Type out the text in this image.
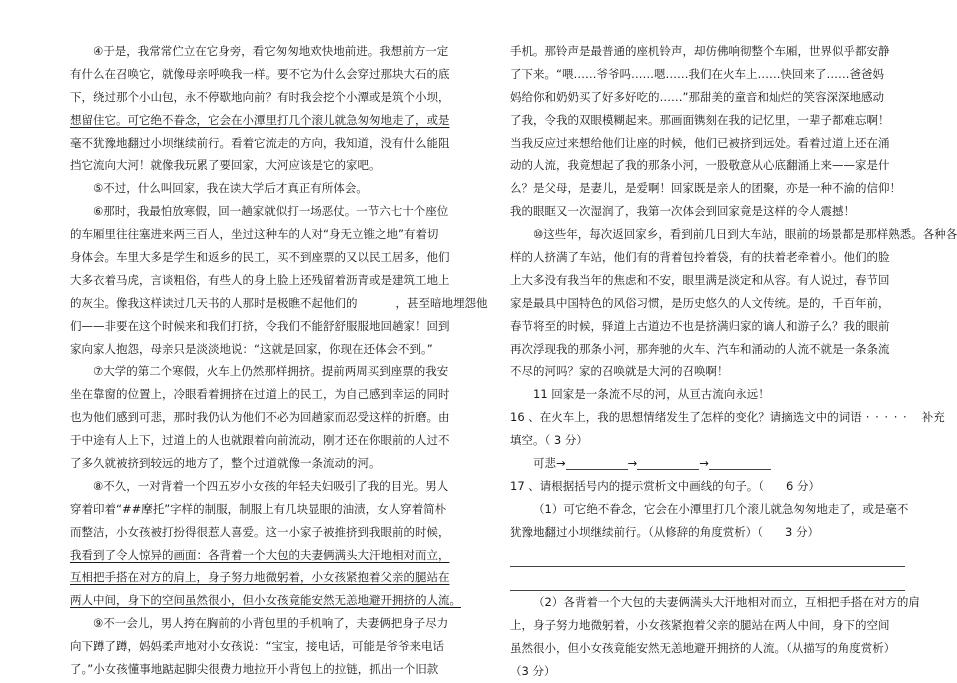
④于是，我常常伫立在它身旁，看它匆匆地欢快地前进。我想前方一定
有什么在召唤它，就像母亲呼唤我一样。要不它为什么会穿过那块大石的底
下，绕过那个小山包，永不停歇地向前？有时我会挖个小潭或是筑个小坝，
想留住它。可它绝不眷念，它会在小潭里打几个滚儿就急匆匆地走了，或是
毫不犹豫地翻过小坝继续前行。看着它流走的方向，我知道，没有什么能阻
挡它流向大河！就像我玩累了要回家，大河应该是它的家吧。
⑤不过，什么叫回家，我在读大学后才真正有所体会。
⑥那时，我最怕放寒假，回一趟家就似打一场恶仗。一节六七十个座位
的车厢里往往塞进来两三百人，坐过这种车的人对“身无立锥之地”有着切
身体会。车里大多是学生和返乡的民工，买不到座票的又以民工居多，他们
大多衣着马虎，言谈粗俗，有些人的身上脸上还残留着沥青或是建筑工地上
的灰尘。像我这样读过几天书的人那时是极瞧不起他们的	，甚至暗地埋怨他
们——非要在这个时候来和我们打挤，令我们不能舒舒服服地回趟家！回到
家向家人抱怨，母亲只是淡淡地说：“这就是回家，你现在还体会不到。”
⑦大学的第二个寒假，火车上仍然那样拥挤。提前两周买到座票的我安
坐在靠窗的位置上，冷眼看着拥挤在过道上的民工，为自己感到幸运的同时
也为他们感到可悲，那时我仍认为他们不必为回趟家而忍受这样的折磨。由
于中途有人上下，过道上的人也就跟着向前流动，刚才还在你眼前的人过不
了多久就被挤到较远的地方了，整个过道就像一条流动的河。
⑧不久，一对背着一个四五岁小女孩的年轻夫妇吸引了我的目光。男人
穿着印着“##摩托”字样的制服，制服上有几块显眼的油渍，女人穿着简朴
而整洁，小女孩被打扮得很惹人喜爱。这一小家子被推挤到我眼前的时候，
我看到了令人惊异的画面：各背着一个大包的夫妻俩满头大汗地相对而立，
互相把手搭在对方的肩上，身子努力地微躬着，小女孩紧抱着父亲的腿站在
两人中间，身下的空间虽然很小，但小女孩竟能安然无恙地避开拥挤的人流。
⑨不一会儿，男人挎在胸前的小背包里的手机响了，夫妻俩把身子尽力
向下蹲了蹲，妈妈柔声地对小女孩说：“宝宝，接电话，可能是爷爷来电话
了。”小女孩懂事地踮起脚尖很费力地拉开小背包上的拉链，抓出一个旧款
手机。那铃声是最普通的座机铃声，却仿佛响彻整个车厢，世界似乎都安静
了下来。“喂……爷爷吗……嗯……我们在火车上……快回来了……爸爸妈
妈给你和奶奶买了好多好吃的……”那甜美的童音和灿烂的笑容深深地感动
了我，令我的双眼模糊起来。那画面镌刻在我的记忆里，一辈子都难忘啊！
当我反应过来想给他们让座的时候，他们已被挤到远处。看着过道上还在涌
动的人流，我竟想起了我的那条小河，一股敬意从心底翻涌上来——家是什
么？是父母，是妻儿，是爱啊！回家既是亲人的团聚，亦是一种不渝的信仰！
我的眼眶又一次湿润了，我第一次体会到回家竟是这样的令人震撼！
⑩这些年，每次返回家乡，看到前几日到大车站，眼前的场景都是那样熟悉。各种各
样的人挤满了车站，他们有的背着包拎着袋，有的扶着老牵着小。他们的脸
上大多没有我当年的焦虑和不安，眼里满是淡定和从容。有人说过，春节回
家是最具中国特色的风俗习惯，是历史悠久的人文传统。是的，千百年前，
春节将至的时候，驿道上古道边不也是挤满归家的谪人和游子么？我的眼前
再次浮现我的那条小河，那奔驰的火车、汽车和涌动的人流不就是一条条流
不尽的河吗？家的召唤就是大河的召唤啊！
11 回家是一条流不尽的河，从亘古流向永远！
16 、在火车上，我的思想情绪发生了怎样的变化？请摘选文中的词语 · · · · · 补充
填空。（ 3 分）
可悲→	→	→
17 、请根据括号内的提示赏析文中画线的句子。（ 6 分）
（1）可它绝不眷念，它会在小潭里打几个滚儿就急匆匆地走了，或是毫不
犹豫地翻过小坝继续前行。（从修辞的角度赏析）（ 3 分）
（2）各背着一个大包的夫妻俩满头大汗地相对而立，互相把手搭在对方的肩
上，身子努力地微躬着，小女孩紧抱着父亲的腿站在两人中间，身下的空间
虽然很小，但小女孩竟能安然无恙地避开拥挤的人流。（从描写的角度赏析）
（3 分）
